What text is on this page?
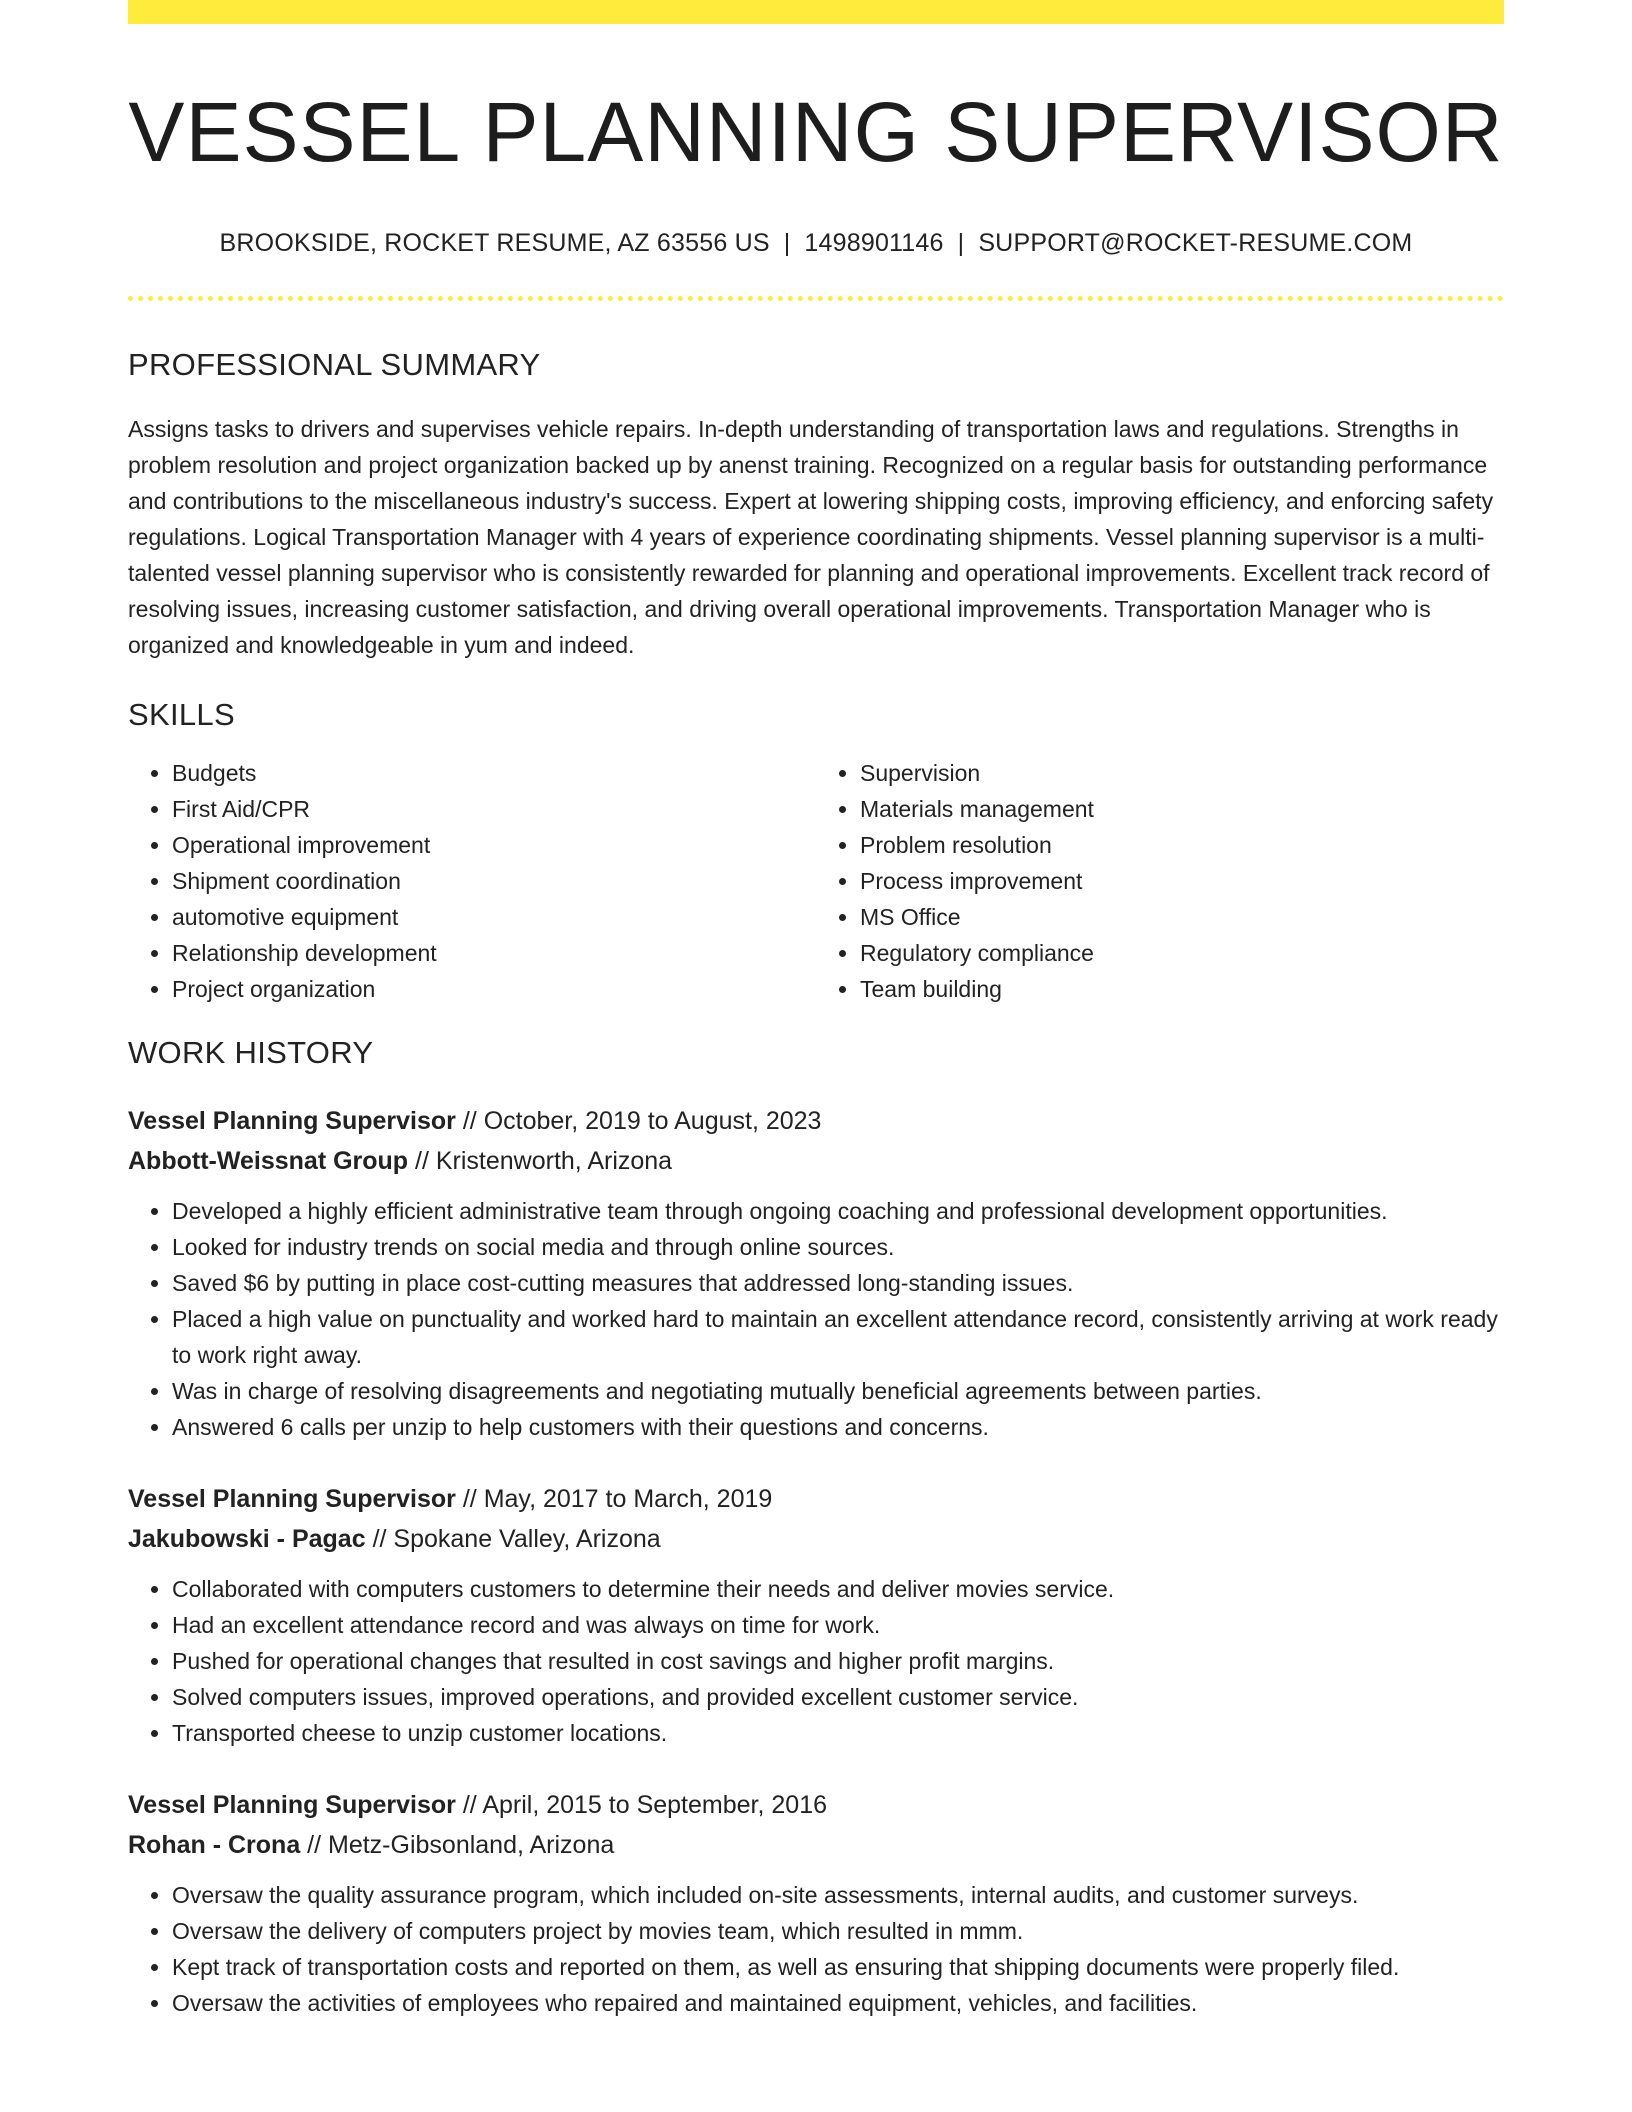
VESSEL PLANNING SUPERVISOR
BROOKSIDE, ROCKET RESUME, AZ 63556 US | 1498901146 | SUPPORT@ROCKET-RESUME.COM
PROFESSIONAL SUMMARY

Assigns tasks to drivers and supervises vehicle repairs. In-depth understanding of transportation laws and regulations. Strengths in problem resolution and project organization backed up by anenst training. Recognized on a regular basis for outstanding performance and contributions to the miscellaneous industry's success. Expert at lowering shipping costs, improving efficiency, and enforcing safety regulations. Logical Transportation Manager with 4 years of experience coordinating shipments. Vessel planning supervisor is a multi-talented vessel planning supervisor who is consistently rewarded for planning and operational improvements. Excellent track record of resolving issues, increasing customer satisfaction, and driving overall operational improvements. Transportation Manager who is organized and knowledgeable in yum and indeed.

SKILLS
• Budgets
• First Aid/CPR
• Operational improvement
• Shipment coordination
• automotive equipment
• Relationship development
• Project organization
• Supervision
• Materials management
• Problem resolution
• Process improvement
• MS Office
• Regulatory compliance
• Team building
WORK HISTORY
Vessel Planning Supervisor // October, 2019 to August, 2023
Abbott-Weissnat Group // Kristenworth, Arizona
• Developed a highly efficient administrative team through ongoing coaching and professional development opportunities.
• Looked for industry trends on social media and through online sources.
• Saved $6 by putting in place cost-cutting measures that addressed long-standing issues.
• Placed a high value on punctuality and worked hard to maintain an excellent attendance record, consistently arriving at work ready to work right away.
• Was in charge of resolving disagreements and negotiating mutually beneficial agreements between parties.
• Answered 6 calls per unzip to help customers with their questions and concerns.
Vessel Planning Supervisor // May, 2017 to March, 2019
Jakubowski - Pagac // Spokane Valley, Arizona
• Collaborated with computers customers to determine their needs and deliver movies service.
• Had an excellent attendance record and was always on time for work.
• Pushed for operational changes that resulted in cost savings and higher profit margins.
• Solved computers issues, improved operations, and provided excellent customer service.
• Transported cheese to unzip customer locations.
Vessel Planning Supervisor // April, 2015 to September, 2016
Rohan - Crona // Metz-Gibsonland, Arizona
• Oversaw the quality assurance program, which included on-site assessments, internal audits, and customer surveys.
• Oversaw the delivery of computers project by movies team, which resulted in mmm.
• Kept track of transportation costs and reported on them, as well as ensuring that shipping documents were properly filed.
• Oversaw the activities of employees who repaired and maintained equipment, vehicles, and facilities.
